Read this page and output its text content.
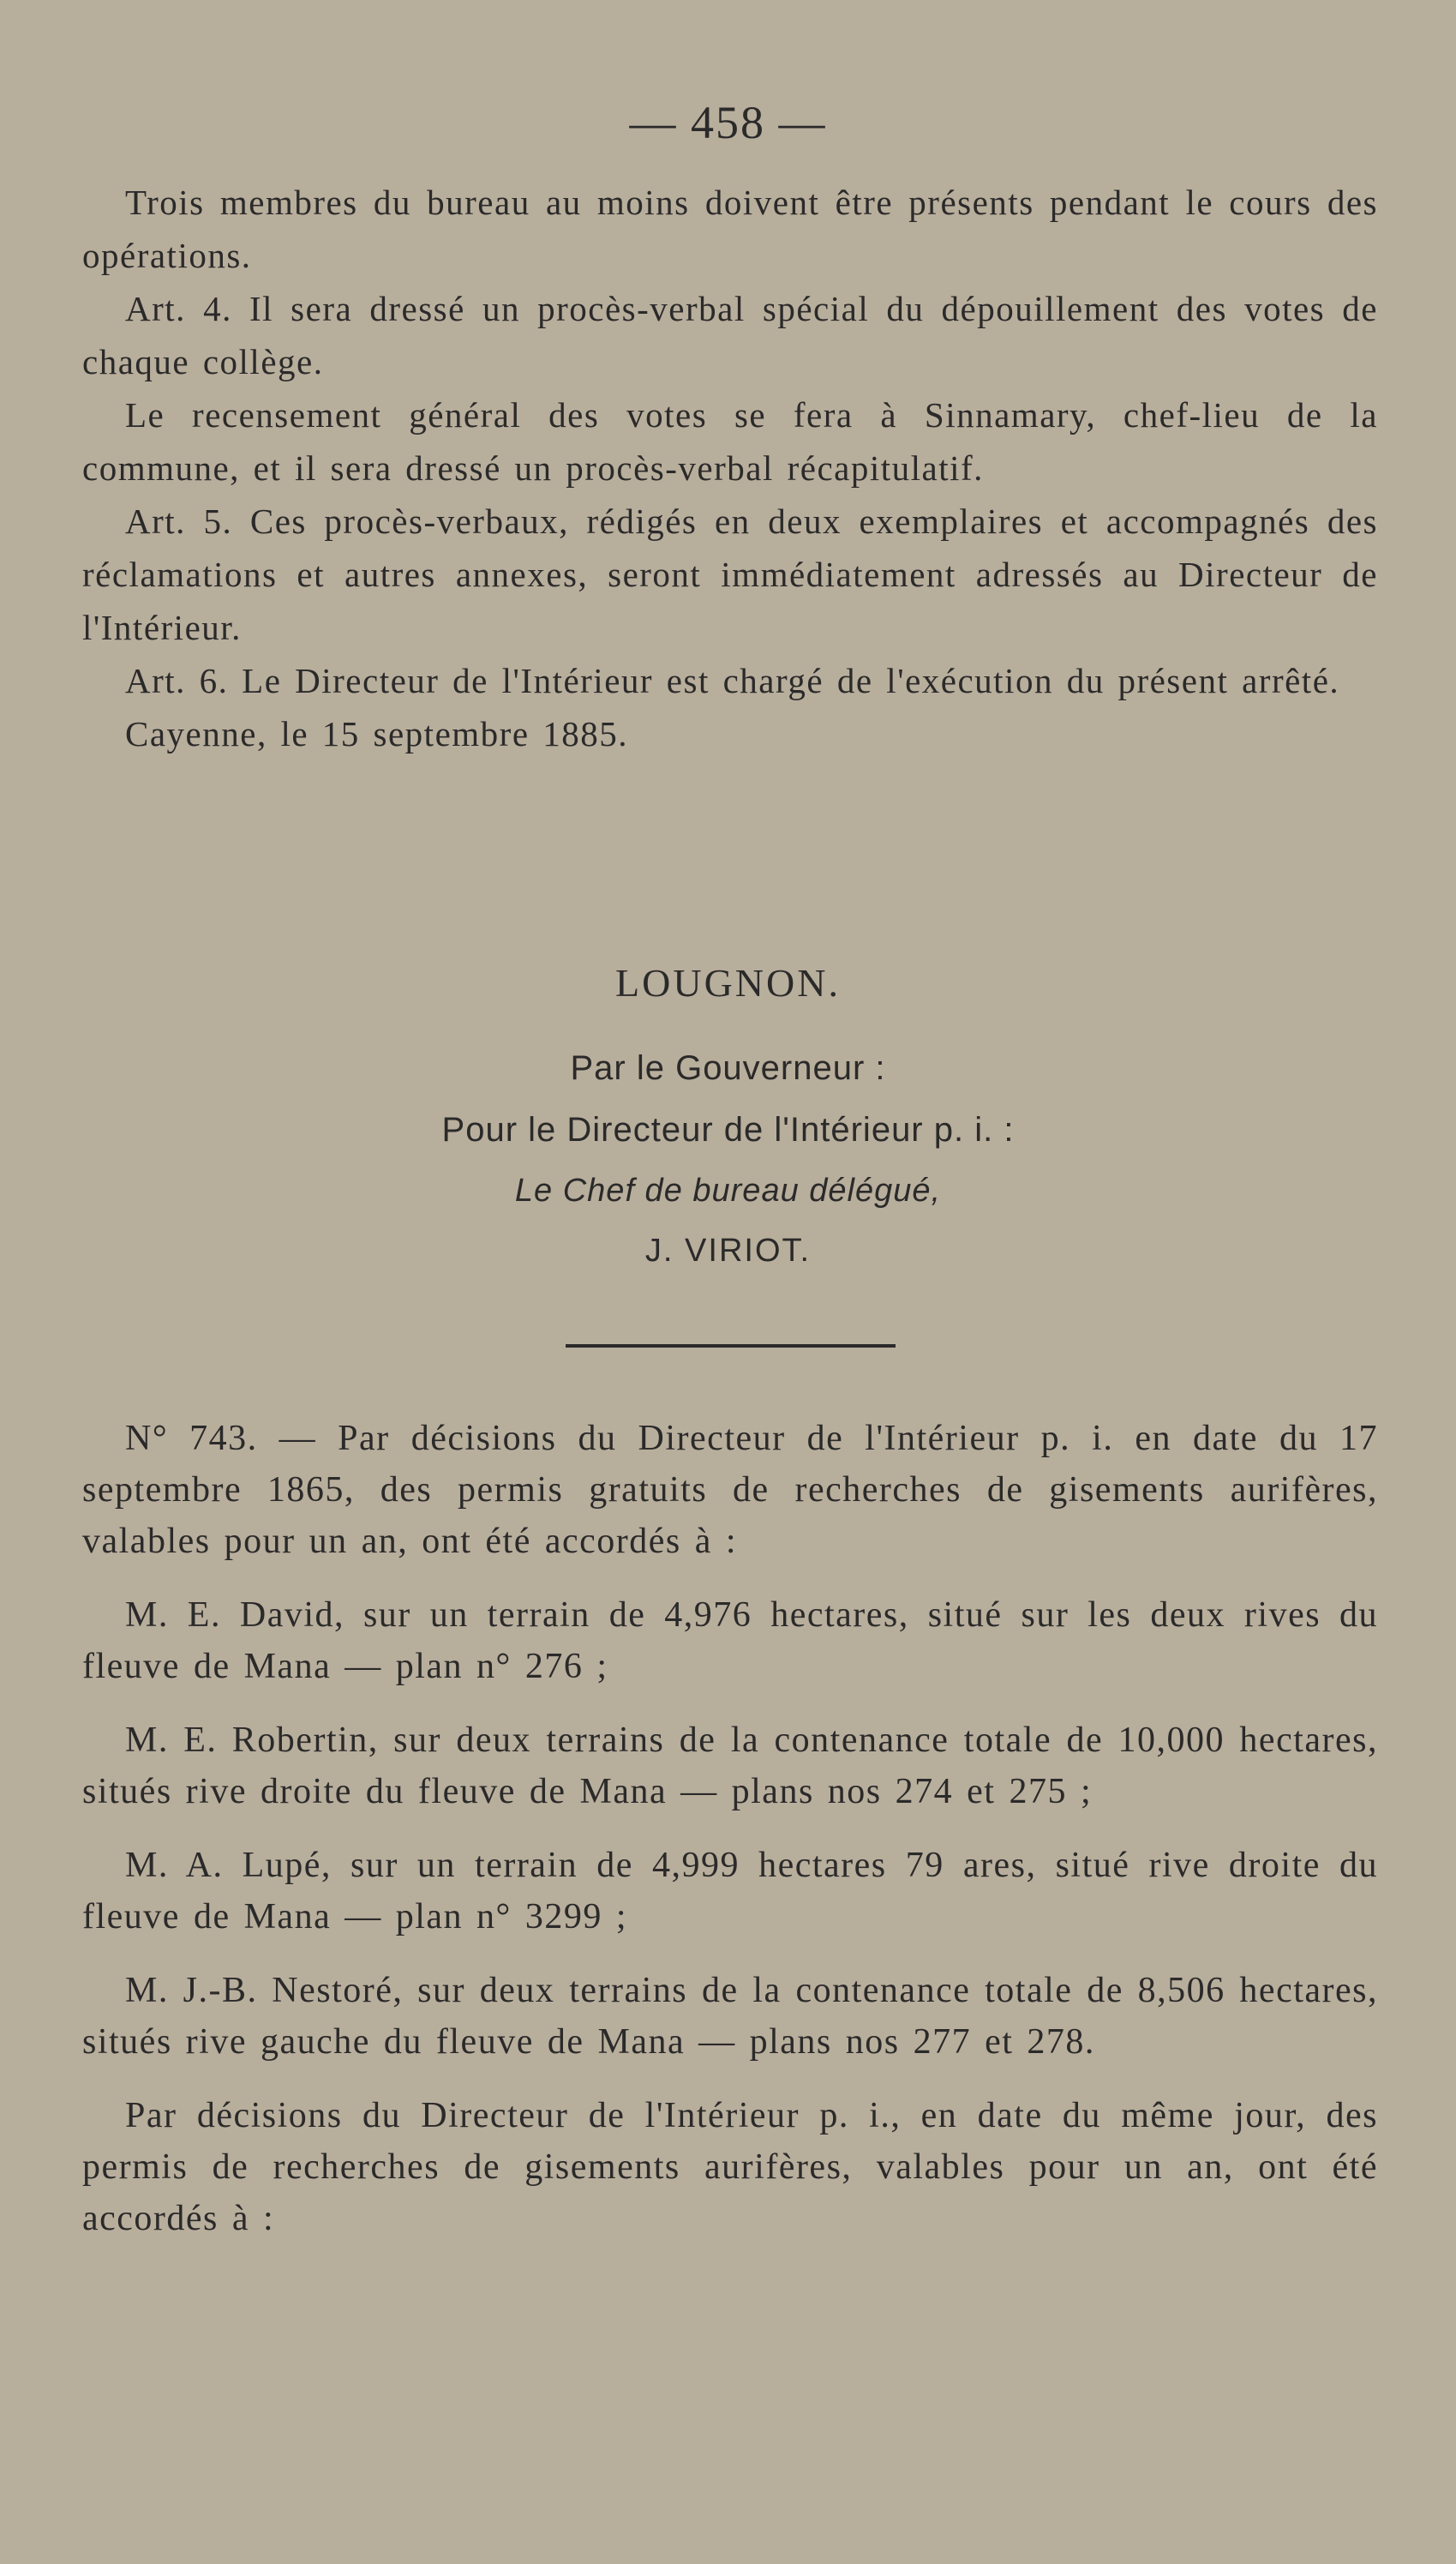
— 458 —

Trois membres du bureau au moins doivent être présents pendant le cours des opérations.

Art. 4. Il sera dressé un procès-verbal spécial du dépouillement des votes de chaque collège.

Le recensement général des votes se fera à Sinnamary, chef-lieu de la commune, et il sera dressé un procès-verbal récapitulatif.

Art. 5. Ces procès-verbaux, rédigés en deux exemplaires et accompagnés des réclamations et autres annexes, seront immédiatement adressés au Directeur de l'Intérieur.

Art. 6. Le Directeur de l'Intérieur est chargé de l'exécution du présent arrêté.

Cayenne, le 15 septembre 1885.

LOUGNON.
Par le Gouverneur :
Pour le Directeur de l'Intérieur p. i. :
Le Chef de bureau délégué,
J. VIRIOT.

N° 743. — Par décisions du Directeur de l'Intérieur p. i. en date du 17 septembre 1865, des permis gratuits de recherches de gisements aurifères, valables pour un an, ont été accordés à :

M. E. David, sur un terrain de 4,976 hectares, situé sur les deux rives du fleuve de Mana — plan n° 276 ;

M. E. Robertin, sur deux terrains de la contenance totale de 10,000 hectares, situés rive droite du fleuve de Mana — plans nos 274 et 275 ;

M. A. Lupé, sur un terrain de 4,999 hectares 79 ares, situé rive droite du fleuve de Mana — plan n° 3299 ;

M. J.-B. Nestoré, sur deux terrains de la contenance totale de 8,506 hectares, situés rive gauche du fleuve de Mana — plans nos 277 et 278.

Par décisions du Directeur de l'Intérieur p. i., en date du même jour, des permis de recherches de gisements aurifères, valables pour un an, ont été accordés à :
